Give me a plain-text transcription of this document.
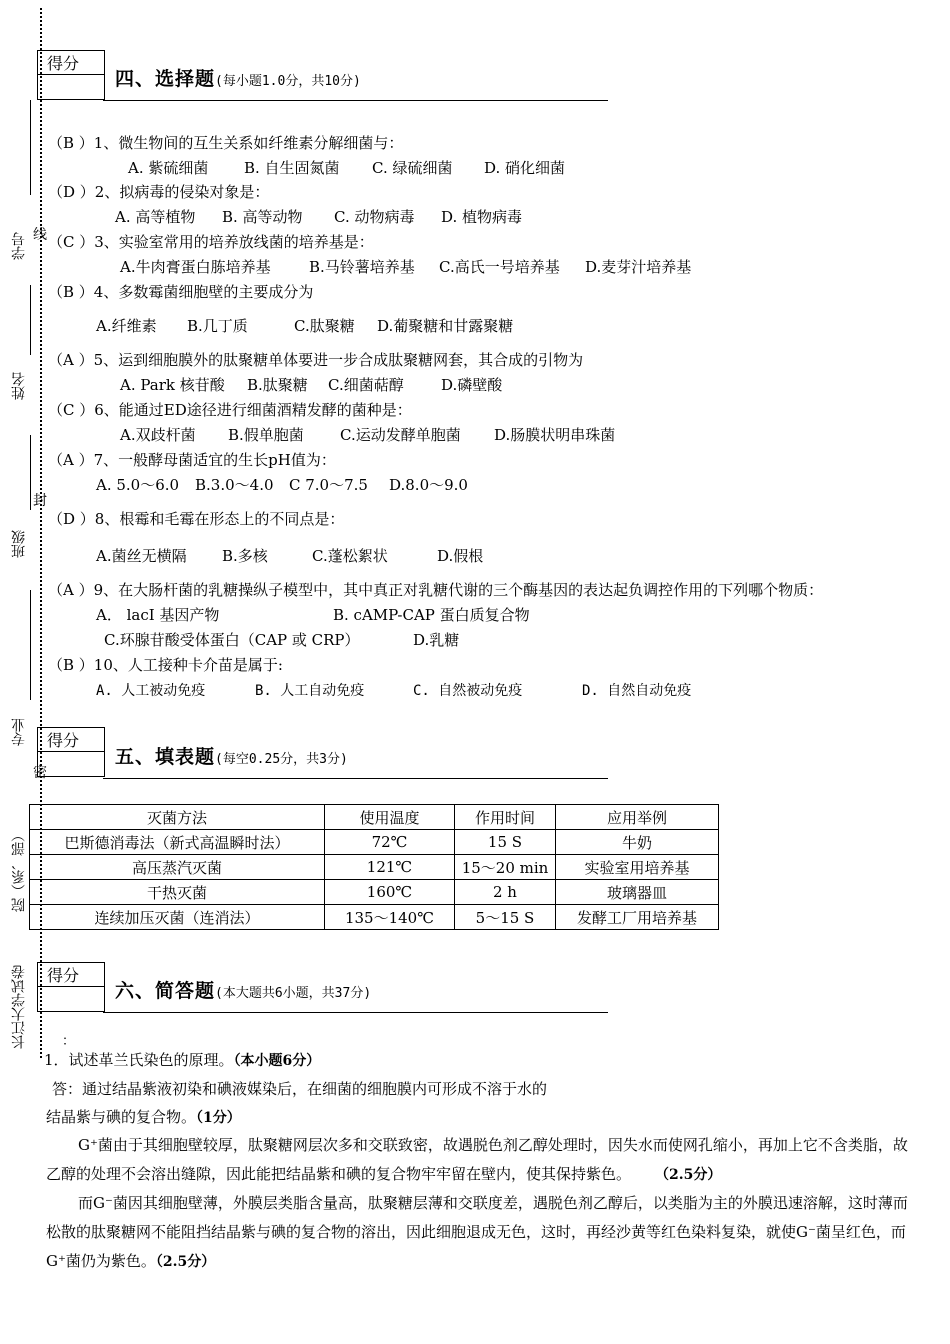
学号
姓名
班级
专业
院（系、部）
长江大学试卷
线
封
密
得分
四、选择题(每小题1.0分，共10分)
（B ）1、微生物间的互生关系如纤维素分解细菌与：
A. 紫硫细菌 B. 自生固氮菌 C. 绿硫细菌 D. 硝化细菌
（D ）2、拟病毒的侵染对象是：
A. 高等植物 B. 高等动物 C. 动物病毒 D. 植物病毒
（C ）3、实验室常用的培养放线菌的培养基是：
A.牛肉膏蛋白胨培养基	B.马铃薯培养基 C.高氏一号培养基 D.麦芽汁培养基
（B ）4、多数霉菌细胞壁的主要成分为
A.纤维素 B.几丁质	C.肽聚糖 D.葡聚糖和甘露聚糖
（A ）5、运到细胞膜外的肽聚糖单体要进一步合成肽聚糖网套，其合成的引物为
A. Park 核苷酸 B.肽聚糖 C.细菌萜醇 D.磷壁酸
（C ）6、能通过ED途径进行细菌酒精发酵的菌种是：
A.双歧杆菌 B.假单胞菌 C.运动发酵单胞菌 D.肠膜状明串珠菌
（A ）7、一般酵母菌适宜的生长pH值为：
A. 5.0～6.0 B.3.0～4.0 C 7.0～7.5 D.8.0～9.0
（D ）8、根霉和毛霉在形态上的不同点是：
A.菌丝无横隔 B.多核	C.蓬松絮状	D.假根
（A ）9、在大肠杆菌的乳糖操纵子模型中，其中真正对乳糖代谢的三个酶基因的表达起负调控作用的下列哪个物质：
A． lacI 基因产物	B. cAMP-CAP 蛋白质复合物
C.环腺苷酸受体蛋白（CAP 或 CRP）	D.乳糖
（B ）10、人工接种卡介苗是属于:
A. 人工被动免疫	B. 人工自动免疫	C. 自然被动免疫	D. 自然自动免疫
得分
五、填表题(每空0.25分，共3分)
灭菌方法	使用温度	作用时间	应用举例
巴斯德消毒法（新式高温瞬时法）	72℃	15 S	牛奶
高压蒸汽灭菌	121℃	15～20 min	实验室用培养基
干热灭菌	160℃	2 h	玻璃器皿
连续加压灭菌（连消法）	135～140℃	5～15 S	发酵工厂用培养基
得分
六、简答题(本大题共6小题，共37分)
：
1．试述革兰氏染色的原理。（本小题6分）
答：通过结晶紫液初染和碘液媒染后，在细菌的细胞膜内可形成不溶于水的
结晶紫与碘的复合物。（1分）
G⁺菌由于其细胞壁较厚，肽聚糖网层次多和交联致密，故遇脱色剂乙醇处理时，因失水而使网孔缩小，再加上它不含类脂，故乙醇的处理不会溶出缝隙，因此能把结晶紫和碘的复合物牢牢留在壁内，使其保持紫色。 （2.5分）
而G⁻菌因其细胞壁薄，外膜层类脂含量高，肽聚糖层薄和交联度差，遇脱色剂乙醇后，以类脂为主的外膜迅速溶解，这时薄而松散的肽聚糖网不能阻挡结晶紫与碘的复合物的溶出，因此细胞退成无色，这时，再经沙黄等红色染料复染，就使G⁻菌呈红色，而G⁺菌仍为紫色。（2.5分）
